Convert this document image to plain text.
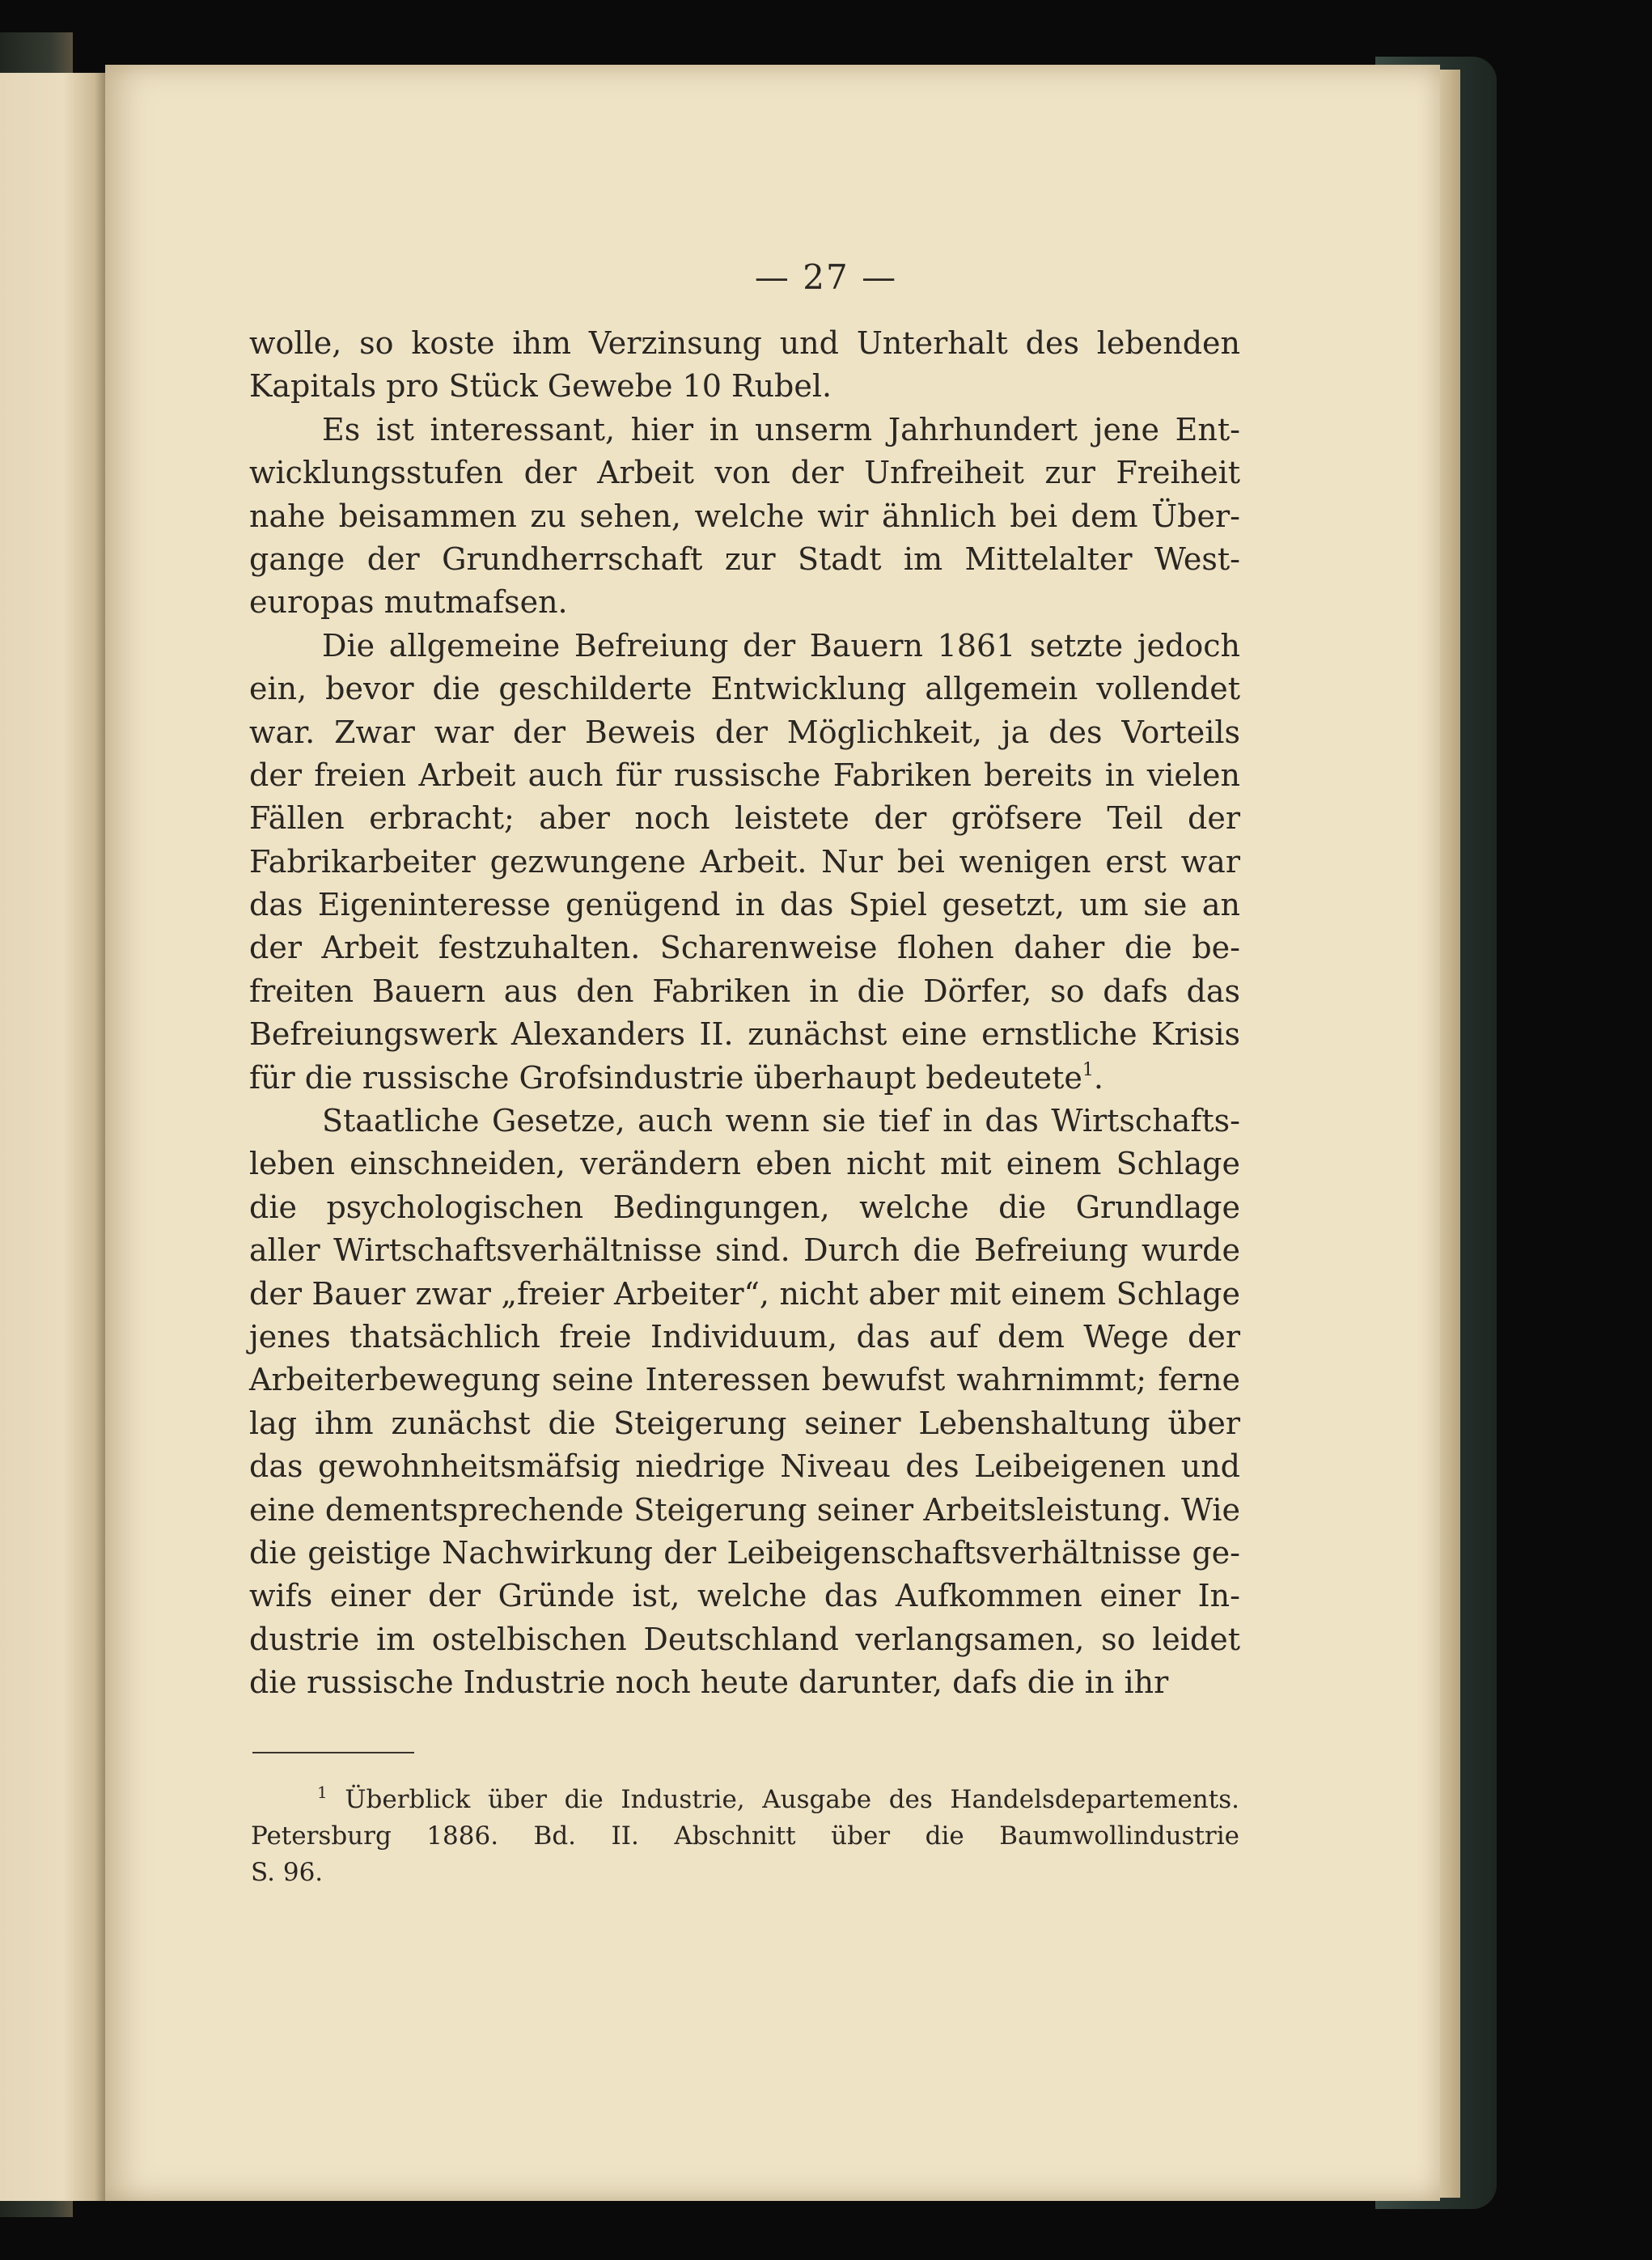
— 27 —
wolle, so koste ihm Verzinsung und Unterhalt des lebenden
Kapitals pro Stück Gewebe 10 Rubel.
Es ist interessant, hier in unserm Jahrhundert jene Ent-
wicklungsstufen der Arbeit von der Unfreiheit zur Freiheit
nahe beisammen zu sehen, welche wir ähnlich bei dem Über-
gange der Grundherrschaft zur Stadt im Mittelalter West-
europas mutmafsen.
Die allgemeine Befreiung der Bauern 1861 setzte jedoch
ein, bevor die geschilderte Entwicklung allgemein vollendet
war. Zwar war der Beweis der Möglichkeit, ja des Vorteils
der freien Arbeit auch für russische Fabriken bereits in vielen
Fällen erbracht; aber noch leistete der gröfsere Teil der
Fabrikarbeiter gezwungene Arbeit. Nur bei wenigen erst war
das Eigeninteresse genügend in das Spiel gesetzt, um sie an
der Arbeit festzuhalten. Scharenweise flohen daher die be-
freiten Bauern aus den Fabriken in die Dörfer, so dafs das
Befreiungswerk Alexanders II. zunächst eine ernstliche Krisis
für die russische Grofsindustrie überhaupt bedeutete$^1$.
Staatliche Gesetze, auch wenn sie tief in das Wirtschafts-
leben einschneiden, verändern eben nicht mit einem Schlage
die psychologischen Bedingungen, welche die Grundlage
aller Wirtschaftsverhältnisse sind. Durch die Befreiung wurde
der Bauer zwar „freier Arbeiter“, nicht aber mit einem Schlage
jenes thatsächlich freie Individuum, das auf dem Wege der
Arbeiterbewegung seine Interessen bewufst wahrnimmt; ferne
lag ihm zunächst die Steigerung seiner Lebenshaltung über
das gewohnheitsmäfsig niedrige Niveau des Leibeigenen und
eine dementsprechende Steigerung seiner Arbeitsleistung. Wie
die geistige Nachwirkung der Leibeigenschaftsverhältnisse ge-
wifs einer der Gründe ist, welche das Aufkommen einer In-
dustrie im ostelbischen Deutschland verlangsamen, so leidet
die russische Industrie noch heute darunter, dafs die in ihr
$^1$ Überblick über die Industrie, Ausgabe des Handelsdepartements.
Petersburg 1886. Bd. II. Abschnitt über die Baumwollindustrie
S. 96.
